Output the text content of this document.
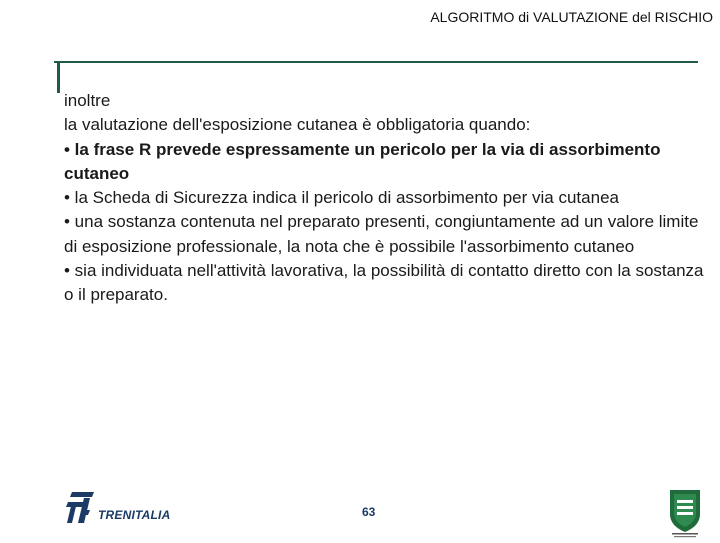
ALGORITMO di VALUTAZIONE del RISCHIO

inoltre

la valutazione dell'esposizione cutanea è obbligatoria quando:

• la frase R prevede espressamente un pericolo per la via di assorbimento cutaneo

• la Scheda di Sicurezza indica il pericolo di assorbimento per via cutanea

• una sostanza contenuta nel preparato presenti, congiuntamente ad un valore limite di esposizione professionale, la nota che è possibile l'assorbimento cutaneo

• sia individuata nell'attività lavorativa, la possibilità di contatto diretto con la sostanza o il preparato.

TRENITALIA	63
